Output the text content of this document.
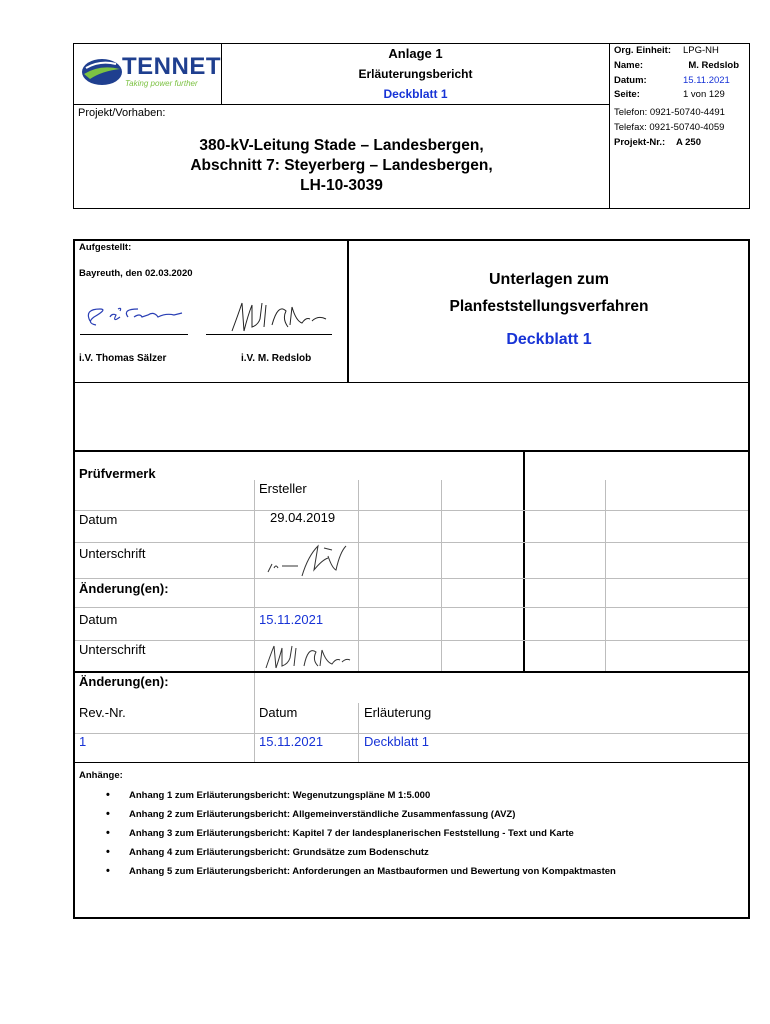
TENNET
Taking power further
Anlage 1
Erläuterungsbericht
Deckblatt 1
Org. Einheit: LPG-NH
Name:	M. Redslob
Datum:	15.11.2021
Seite:	1 von 129
Telefon: 0921-50740-4491
Telefax: 0921-50740-4059
Projekt-Nr.: A 250
Projekt/Vorhaben:
380-kV-Leitung Stade – Landesbergen,
Abschnitt 7: Steyerberg – Landesbergen,
LH-10-3039
Aufgestellt:
Bayreuth, den 02.03.2020
i.V. Thomas Sälzer	i.V. M. Redslob
Unterlagen zum
Planfeststellungsverfahren
Deckblatt 1
Prüfvermerk
Ersteller
Datum	29.04.2019
Unterschrift
Änderung(en):
Datum	15.11.2021
Unterschrift
Änderung(en):
Rev.-Nr.	Datum	Erläuterung
1	15.11.2021	Deckblatt 1
Anhänge:
• Anhang 1 zum Erläuterungsbericht: Wegenutzungspläne M 1:5.000
• Anhang 2 zum Erläuterungsbericht: Allgemeinverständliche Zusammenfassung (AVZ)
• Anhang 3 zum Erläuterungsbericht: Kapitel 7 der landesplanerischen Feststellung - Text und Karte
• Anhang 4 zum Erläuterungsbericht: Grundsätze zum Bodenschutz
• Anhang 5 zum Erläuterungsbericht: Anforderungen an Mastbauformen und Bewertung von Kompaktmasten
